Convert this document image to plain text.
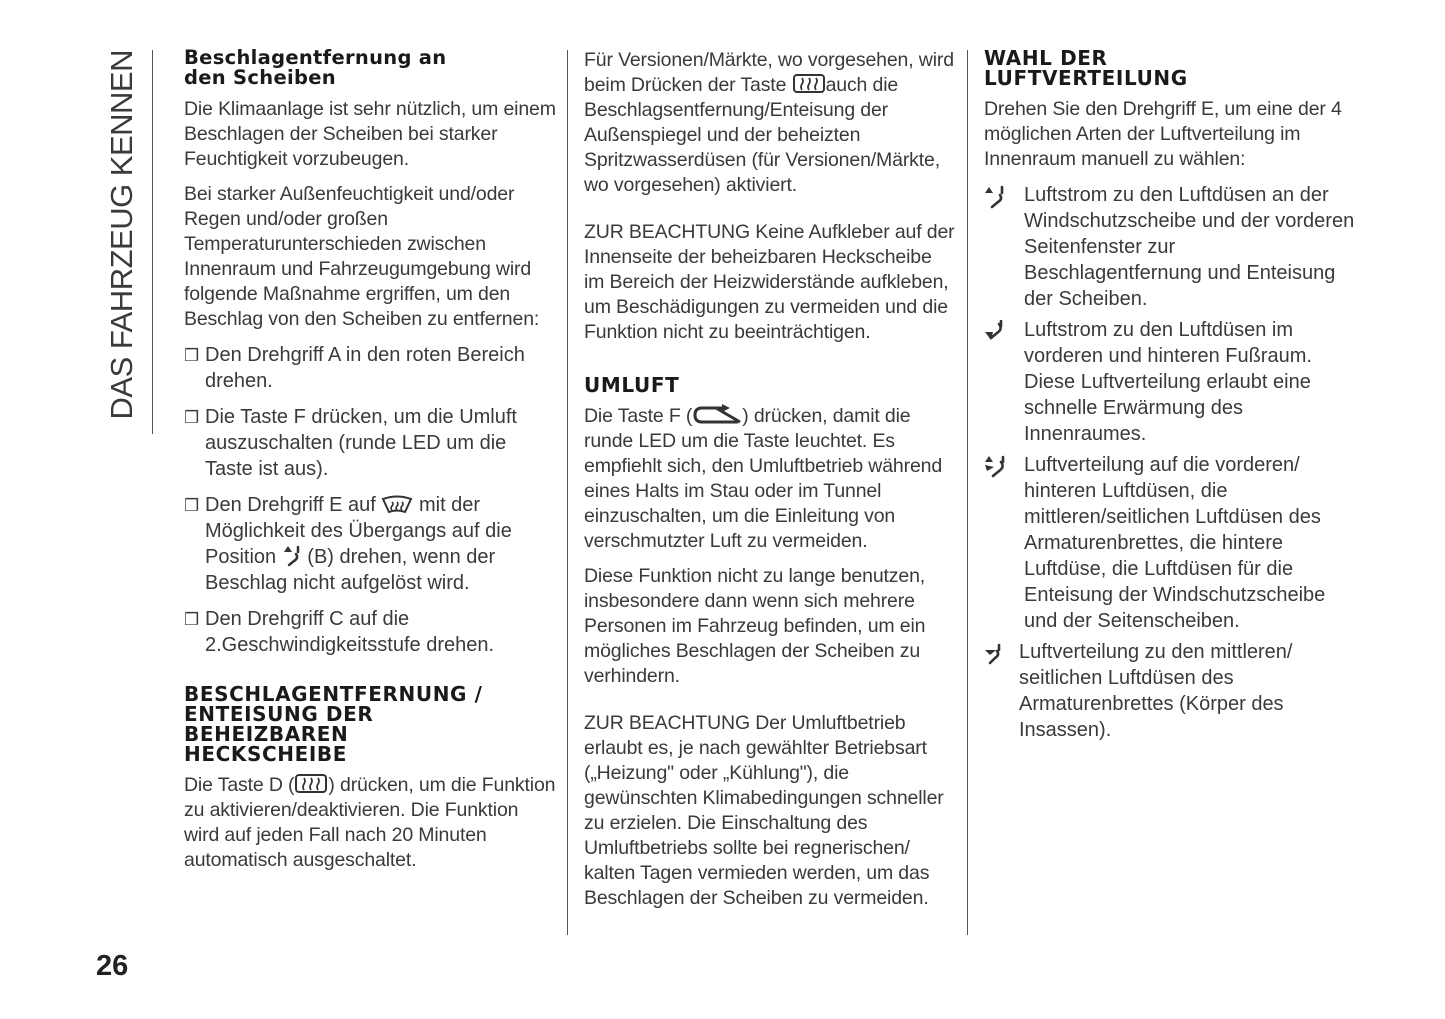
DAS FAHRZEUG KENNEN Beschlagentfernung an
den Scheiben

Die Klimaanlage ist sehr nützlich, um einem Beschlagen der Scheiben bei starker Feuchtigkeit vorzubeugen.

Bei starker Außenfeuchtigkeit und/oder Regen und/oder großen Temperaturunterschieden zwischen Innenraum und Fahrzeugumgebung wird folgende Maßnahme ergriffen, um den Beschlag von den Scheiben zu entfernen:

❒ Den Drehgriff A in den roten Bereich drehen.
❒ Die Taste F drücken, um die Umluft auszuschalten (runde LED um die Taste ist aus).
❒ Den Drehgriff E auf mit der Möglichkeit des Übergangs auf die Position (B) drehen, wenn der Beschlag nicht aufgelöst wird.
❒ Den Drehgriff C auf die 2.Geschwindigkeitsstufe drehen.
BESCHLAGENTFERNUNG /
ENTEISUNG DER
BEHEIZBAREN
HECKSCHEIBE

Die Taste D ( ) drücken, um die Funktion zu aktivieren/deaktivieren. Die Funktion wird auf jeden Fall nach 20 Minuten automatisch ausgeschaltet.

Für Versionen/Märkte, wo vorgesehen, wird beim Drücken der Taste auch die Beschlagsentfernung/Enteisung der Außenspiegel und der beheizten Spritzwasserdüsen (für Versionen/Märkte, wo vorgesehen) aktiviert.

ZUR BEACHTUNG Keine Aufkleber auf der Innenseite der beheizbaren Heckscheibe im Bereich der Heizwiderstände aufkleben, um Beschädigungen zu vermeiden und die Funktion nicht zu beeinträchtigen.

UMLUFT

Die Taste F (	) drücken, damit die runde LED um die Taste leuchtet. Es empfiehlt sich, den Umluftbetrieb während eines Halts im Stau oder im Tunnel einzuschalten, um die Einleitung von verschmutzter Luft zu vermeiden.

Diese Funktion nicht zu lange benutzen, insbesondere dann wenn sich mehrere Personen im Fahrzeug befinden, um ein mögliches Beschlagen der Scheiben zu verhindern.

ZUR BEACHTUNG Der Umluftbetrieb erlaubt es, je nach gewählter Betriebsart („Heizung" oder „Kühlung"), die gewünschten Klimabedingungen schneller zu erzielen. Die Einschaltung des Umluftbetriebs sollte bei regnerischen/ kalten Tagen vermieden werden, um das Beschlagen der Scheiben zu vermeiden.

WAHL DER
LUFTVERTEILUNG

Drehen Sie den Drehgriff E, um eine der 4 möglichen Arten der Luftverteilung im Innenraum manuell zu wählen:

Luftstrom zu den Luftdüsen an der Windschutzscheibe und der vorderen Seitenfenster zur Beschlagentfernung und Enteisung der Scheiben.
Luftstrom zu den Luftdüsen im vorderen und hinteren Fußraum. Diese Luftverteilung erlaubt eine schnelle Erwärmung des Innenraumes.
Luftverteilung auf die vorderen/ hinteren Luftdüsen, die mittleren/seitlichen Luftdüsen des Armaturenbrettes, die hintere Luftdüse, die Luftdüsen für die Enteisung der Windschutzscheibe und der Seitenscheiben.
Luftverteilung zu den mittleren/ seitlichen Luftdüsen des Armaturenbrettes (Körper des Insassen).
26
